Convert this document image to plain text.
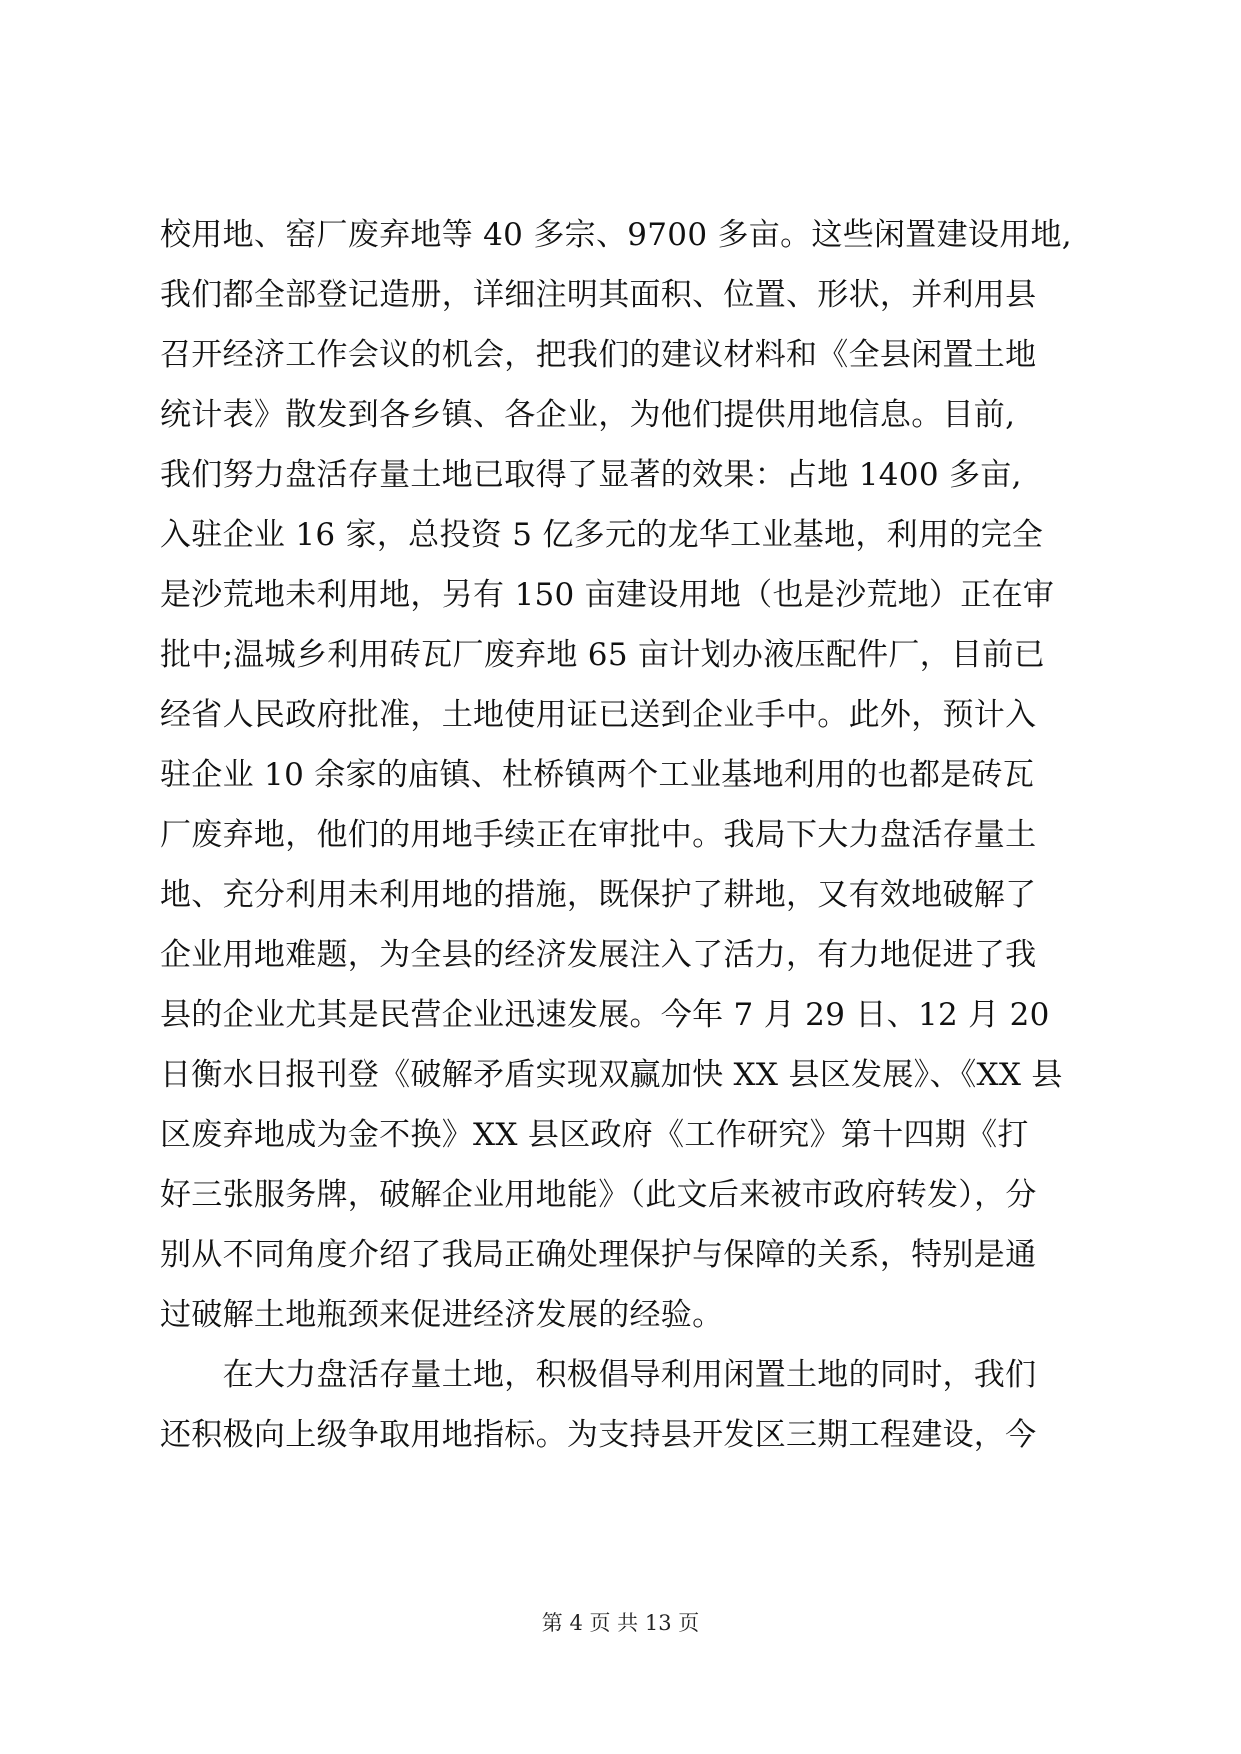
校用地、窑厂废弃地等 40 多宗、9700 多亩。这些闲置建设用地,
我们都全部登记造册，详细注明其面积、位置、形状，并利用县
召开经济工作会议的机会，把我们的建议材料和《全县闲置土地
统计表》散发到各乡镇、各企业，为他们提供用地信息。目前,
我们努力盘活存量土地已取得了显著的效果：占地 1400 多亩,
入驻企业 16 家，总投资 5 亿多元的龙华工业基地，利用的完全
是沙荒地未利用地，另有 150 亩建设用地（也是沙荒地）正在审
批中;温城乡利用砖瓦厂废弃地 65 亩计划办液压配件厂，目前已
经省人民政府批准，土地使用证已送到企业手中。此外，预计入
驻企业 10 余家的庙镇、杜桥镇两个工业基地利用的也都是砖瓦
厂废弃地，他们的用地手续正在审批中。我局下大力盘活存量土
地、充分利用未利用地的措施，既保护了耕地，又有效地破解了
企业用地难题，为全县的经济发展注入了活力，有力地促进了我
县的企业尤其是民营企业迅速发展。今年 7 月 29 日、12 月 20
日衡水日报刊登《破解矛盾实现双赢加快 XX 县区发展》、《XX 县
区废弃地成为金不换》XX 县区政府《工作研究》第十四期《打
好三张服务牌，破解企业用地能》（此文后来被市政府转发），分
别从不同角度介绍了我局正确处理保护与保障的关系，特别是通
过破解土地瓶颈来促进经济发展的经验。
　　在大力盘活存量土地，积极倡导利用闲置土地的同时，我们
还积极向上级争取用地指标。为支持县开发区三期工程建设，今
第 4 页 共 13 页
